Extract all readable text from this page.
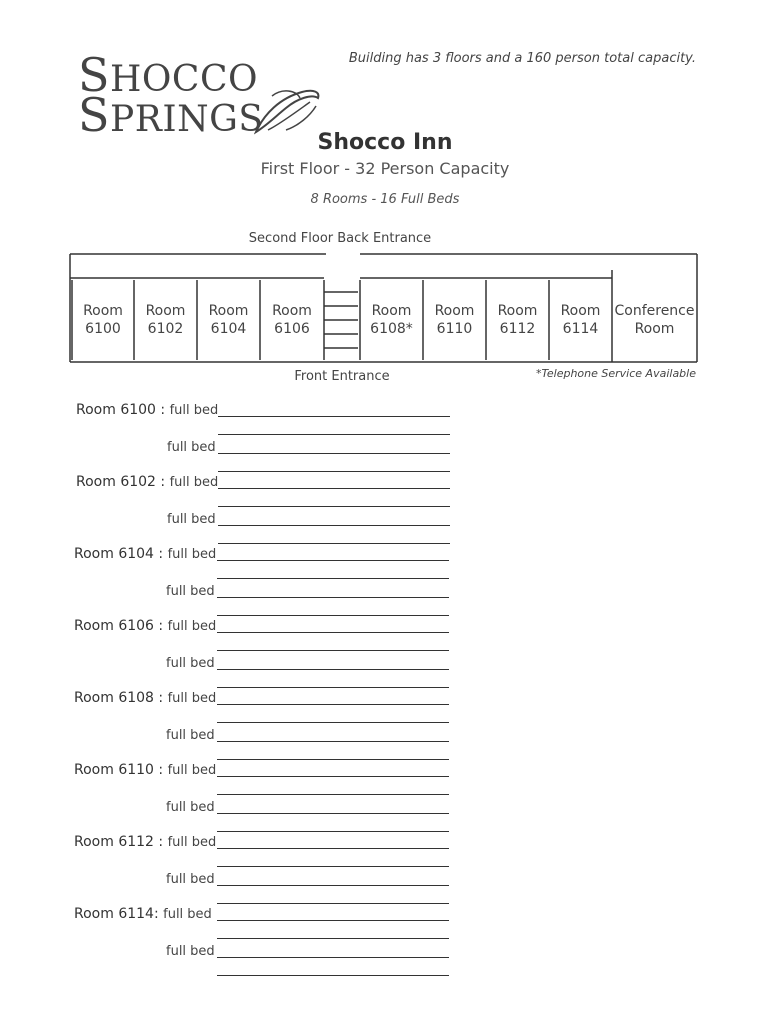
SHOCCO
SPRINGS
Building has 3 floors and a 160 person total capacity.
Shocco Inn
First Floor - 32 Person Capacity
8 Rooms - 16 Full Beds
Second Floor Back Entrance
Room
6100
Room
6102
Room
6104
Room
6106
Room
6108*
Room
6110
Room
6112
Room
6114
Conference
Room
Front Entrance	*Telephone Service Available
Room 6100 : full bed
full bed
Room 6102 : full bed
full bed
Room 6104 : full bed
full bed
Room 6106 : full bed
full bed
Room 6108 : full bed
full bed
Room 6110 : full bed
full bed
Room 6112 : full bed
full bed
Room 6114: full bed
full bed
